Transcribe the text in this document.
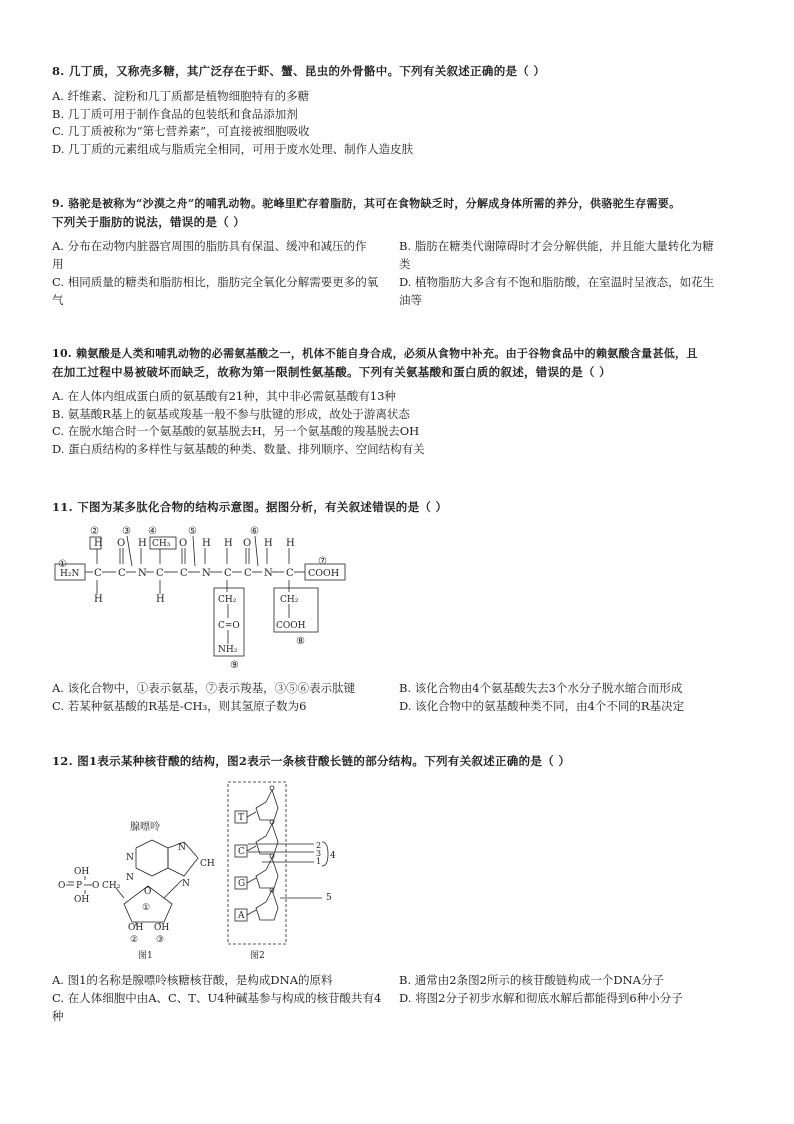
8. 几丁质，又称壳多糖，其广泛存在于虾、蟹、昆虫的外骨骼中。下列有关叙述正确的是（ ）

A. 纤维素、淀粉和几丁质都是植物细胞特有的多糖

B. 几丁质可用于制作食品的包装纸和食品添加剂

C. 几丁质被称为“第七营养素”，可直接被细胞吸收

D. 几丁质的元素组成与脂质完全相同，可用于废水处理、制作人造皮肤

9. 骆驼是被称为“沙漠之舟”的哺乳动物。驼峰里贮存着脂肪，其可在食物缺乏时，分解成身体所需的养分，供骆驼生存需要。
下列关于脂肪的说法，错误的是（ ）

A. 分布在动物内脏器官周围的脂肪具有保温、缓冲和减压的作

用

B. 脂肪在糖类代谢障碍时才会分解供能，并且能大量转化为糖

类

C. 相同质量的糖类和脂肪相比，脂肪完全氧化分解需要更多的氧

气

D. 植物脂肪大多含有不饱和脂肪酸，在室温时呈液态，如花生

油等

10. 赖氨酸是人类和哺乳动物的必需氨基酸之一，机体不能自身合成，必须从食物中补充。由于谷物食品中的赖氨酸含量甚低，且
在加工过程中易被破坏而缺乏，故称为第一限制性氨基酸。下列有关氨基酸和蛋白质的叙述，错误的是（ ）

A. 在人体内组成蛋白质的氨基酸有21种，其中非必需氨基酸有13种

B. 氨基酸R基上的氨基或羧基一般不参与肽键的形成，故处于游离状态

C. 在脱水缩合时一个氨基酸的氨基脱去H，另一个氨基酸的羧基脱去OH

D. 蛋白质结构的多样性与氨基酸的种类、数量、排列顺序、空间结构有关

11. 下图为某多肽化合物的结构示意图。据图分析，有关叙述错误的是（ ）
①
② ③ ④	⑤	⑥
⑦
⑧
⑨
H₂N C C N C C N C C N C COOH
H O H CH₃ O H H O H H
H	H	CH₂
C=O
NH₂
CH₂
COOH

A. 该化合物中，①表示氨基，⑦表示羧基，③⑤⑥表示肽键	B. 该化合物由4个氨基酸失去3个水分子脱水缩合而形成

C. 若某种氨基酸的R基是-CH₃，则其氢原子数为6	D. 该化合物中的氨基酸种类不同，由4个不同的R基决定

12. 图1表示某种核苷酸的结构，图2表示一条核苷酸长链的部分结构。下列有关叙述正确的是（ ）
腺嘌呤
N
N
N
CH
N
OH
O P
OH
O CH₂
O
①
OH OH
② ③
图1	图2
T
C
G
A
2
3
1
4
5

A. 图1的名称是腺嘌呤核糖核苷酸，是构成DNA的原料	B. 通常由2条图2所示的核苷酸链构成一个DNA分子

C. 在人体细胞中由A、C、T、U4种碱基参与构成的核苷酸共有4

种

D. 将图2分子初步水解和彻底水解后都能得到6种小分子
